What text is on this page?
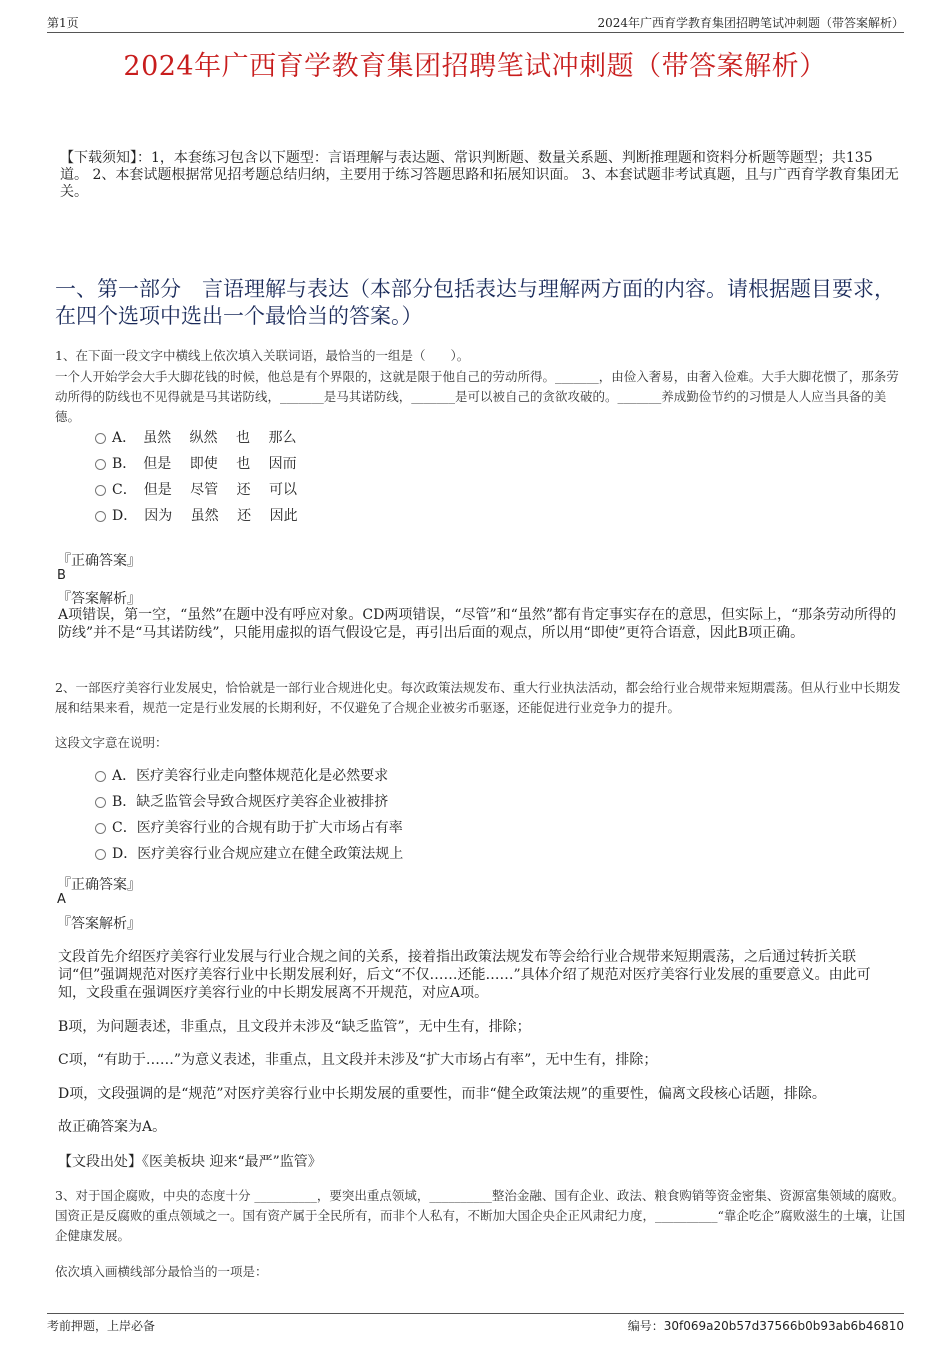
第1页	2024年广西育学教育集团招聘笔试冲刺题（带答案解析）
2024年广西育学教育集团招聘笔试冲刺题（带答案解析）
【下载须知】：1，本套练习包含以下题型：言语理解与表达题、常识判断题、数量关系题、判断推理题和资料分析题等题型；共135道。 2、本套试题根据常见招考题总结归纳，主要用于练习答题思路和拓展知识面。 3、本套试题非考试真题，且与广西育学教育集团无关。
一、第一部分　言语理解与表达（本部分包括表达与理解两方面的内容。请根据题目要求，在四个选项中选出一个最恰当的答案。）
1、在下面一段文字中横线上依次填入关联词语，最恰当的一组是（　　）。
一个人开始学会大手大脚花钱的时候，他总是有个界限的，这就是限于他自己的劳动所得。_______，由俭入奢易，由奢入俭难。大手大脚花惯了，那条劳动所得的防线也不见得就是马其诺防线，_______是马其诺防线，_______是可以被自己的贪欲攻破的。_______养成勤俭节约的习惯是人人应当具备的美德。
A．　虽然　 纵然　 也　 那么
B．　但是　 即使　 也　 因而
C．　但是　 尽管　 还　 可以
D．　因为　 虽然　 还　 因此
『正确答案』
B
『答案解析』
A项错误，第一空，“虽然”在题中没有呼应对象。CD两项错误，“尽管”和“虽然”都有肯定事实存在的意思，但实际上，“那条劳动所得的防线”并不是“马其诺防线”，只能用虚拟的语气假设它是，再引出后面的观点，所以用“即使”更符合语意，因此B项正确。
2、一部医疗美容行业发展史，恰恰就是一部行业合规进化史。每次政策法规发布、重大行业执法活动，都会给行业合规带来短期震荡。但从行业中长期发展和结果来看，规范一定是行业发展的长期利好，不仅避免了合规企业被劣币驱逐，还能促进行业竞争力的提升。
这段文字意在说明：
A．医疗美容行业走向整体规范化是必然要求
B．缺乏监管会导致合规医疗美容企业被排挤
C．医疗美容行业的合规有助于扩大市场占有率
D．医疗美容行业合规应建立在健全政策法规上
『正确答案』
A
『答案解析』
文段首先介绍医疗美容行业发展与行业合规之间的关系，接着指出政策法规发布等会给行业合规带来短期震荡，之后通过转折关联词“但”强调规范对医疗美容行业中长期发展利好，后文“不仅……还能……”具体介绍了规范对医疗美容行业发展的重要意义。由此可知，文段重在强调医疗美容行业的中长期发展离不开规范，对应A项。
B项，为问题表述，非重点，且文段并未涉及“缺乏监管”，无中生有，排除；
C项，“有助于……”为意义表述，非重点，且文段并未涉及“扩大市场占有率”，无中生有，排除；
D项，文段强调的是“规范”对医疗美容行业中长期发展的重要性，而非“健全政策法规”的重要性，偏离文段核心话题，排除。
故正确答案为A。
【文段出处】《医美板块 迎来“最严”监管》
3、对于国企腐败，中央的态度十分 __________，要突出重点领域，__________整治金融、国有企业、政法、粮食购销等资金密集、资源富集领域的腐败。国资正是反腐败的重点领域之一。国有资产属于全民所有，而非个人私有，不断加大国企央企正风肃纪力度，__________“靠企吃企”腐败滋生的土壤，让国企健康发展。
依次填入画横线部分最恰当的一项是：
考前押题，上岸必备	编号：30f069a20b57d37566b0b93ab6b46810
